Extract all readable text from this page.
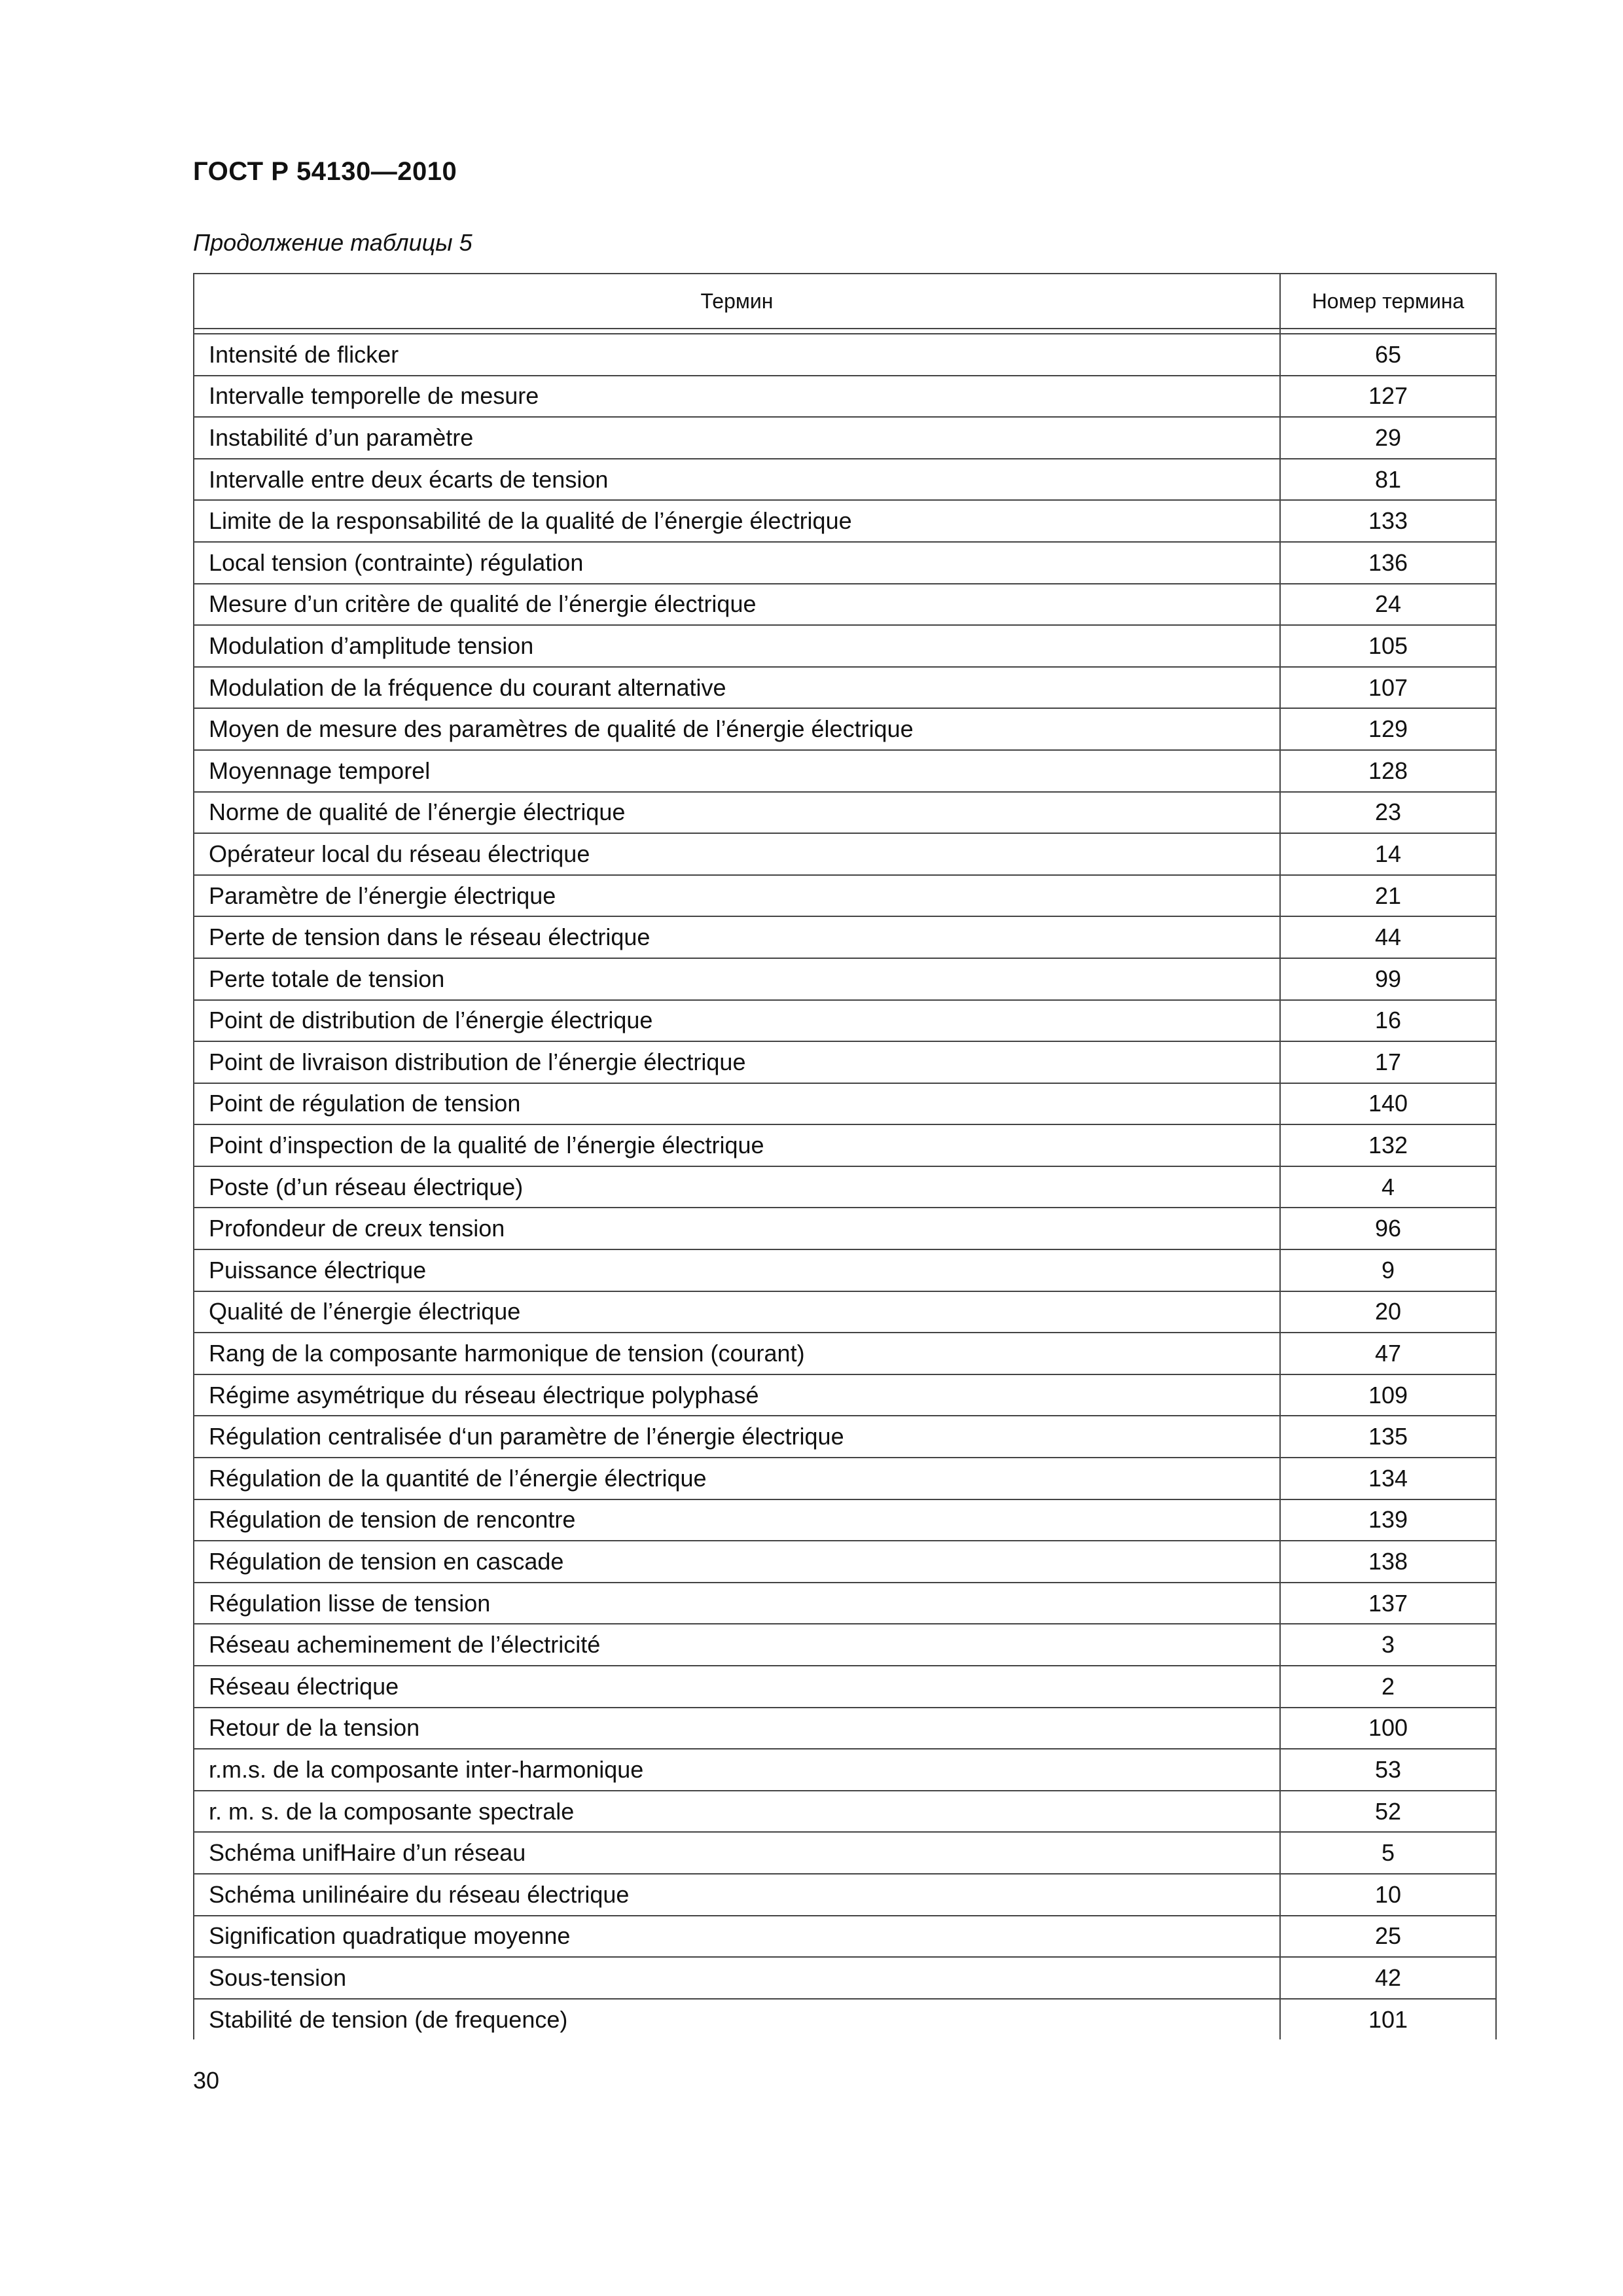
ГОСТ Р 54130—2010
Продолжение таблицы 5
Термин	Номер термина

Intensité de flicker	65
Intervalle temporelle de mesure	127
Instabilité d’un paramètre	29
Intervalle entre deux écarts de tension	81
Limite de la responsabilité de la qualité de l’énergie électrique	133
Local tension (contrainte) régulation	136
Mesure d’un critère de qualité de l’énergie électrique	24
Modulation d’amplitude tension	105
Modulation de la fréquence du courant alternative	107
Moyen de mesure des paramètres de qualité de l’énergie électrique	129
Moyennage temporel	128
Norme de qualité de l’énergie électrique	23
Opérateur local du réseau électrique	14
Paramètre de l’énergie électrique	21
Perte de tension dans le réseau électrique	44
Perte totale de tension	99
Point de distribution de l’énergie électrique	16
Point de livraison distribution de l’énergie électrique	17
Point de régulation de tension	140
Point d’inspection de la qualité de l’énergie électrique	132
Poste (d’un réseau électrique)	4
Profondeur de creux tension	96
Puissance électrique	9
Qualité de l’énergie électrique	20
Rang de la composante harmonique de tension (courant)	47
Régime asymétrique du réseau électrique polyphasé	109
Régulation centralisée d‘un paramètre de l’énergie électrique	135
Régulation de la quantité de l’énergie électrique	134
Régulation de tension de rencontre	139
Régulation de tension en cascade	138
Régulation lisse de tension	137
Réseau acheminement de l’électricité	3
Réseau électrique	2
Retour de la tension	100
r.m.s. de la composante inter-harmonique	53
r. m. s. de la composante spectrale	52
Schéma unifHaire d’un réseau	5
Schéma unilinéaire du réseau électrique	10
Signification quadratique moyenne	25
Sous-tension	42
Stabilité de tension (de frequence)	101
30
